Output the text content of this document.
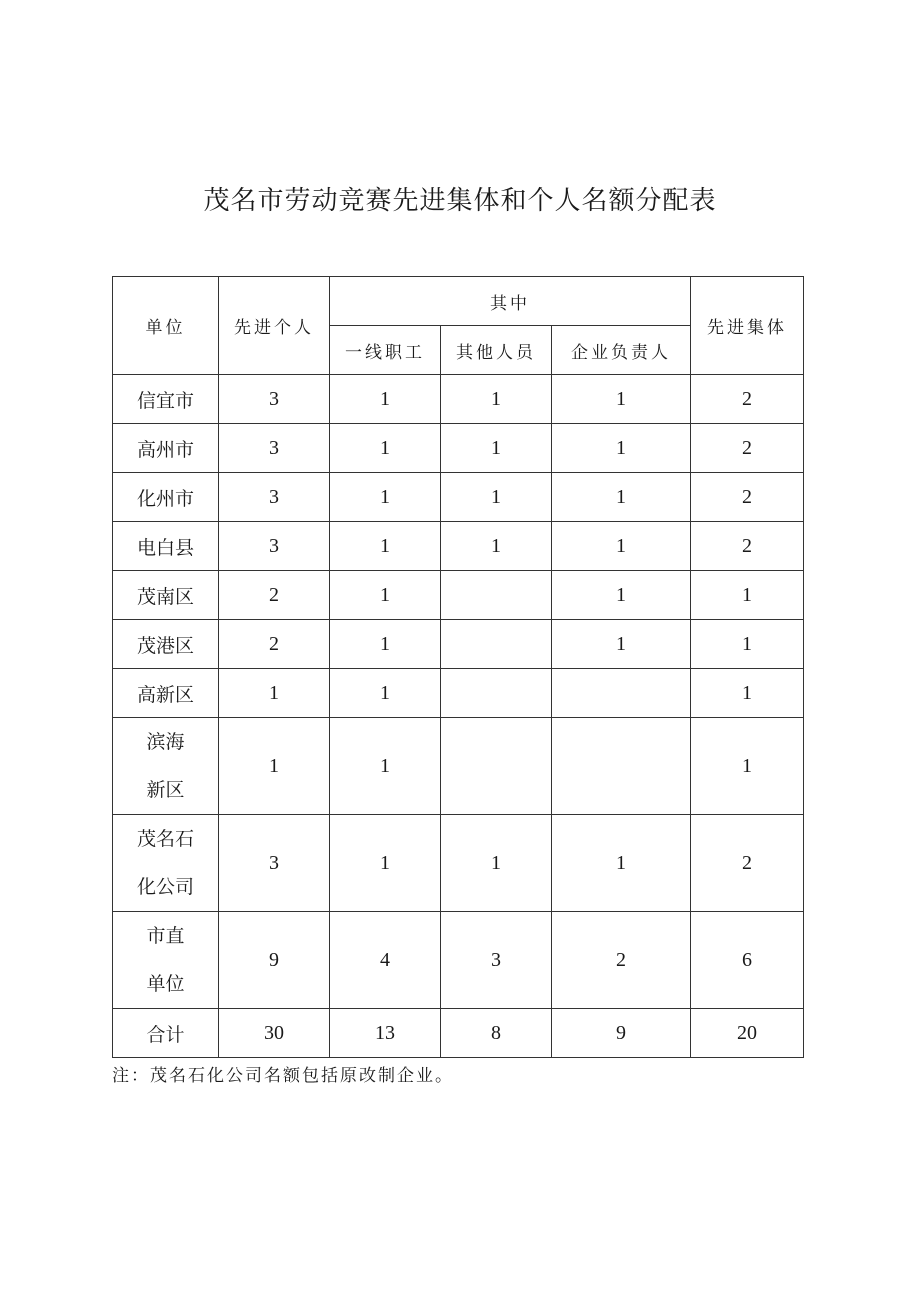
茂名市劳动竞赛先进集体和个人名额分配表
单位	先进个人	其中			先进集体
		一线职工	其他人员	企业负责人	
信宜市	3	1	1	1	2
高州市	3	1	1	1	2
化州市	3	1	1	1	2
电白县	3	1	1	1	2
茂南区	2	1		1	1
茂港区	2	1		1	1
高新区	1	1			1

滨海
新区	1	1			1

茂名石
化公司	3	1	1	1	2

市直
单位	9	4	3	2	6
合计	30	13	8	9	20
注：茂名石化公司名额包括原改制企业。
